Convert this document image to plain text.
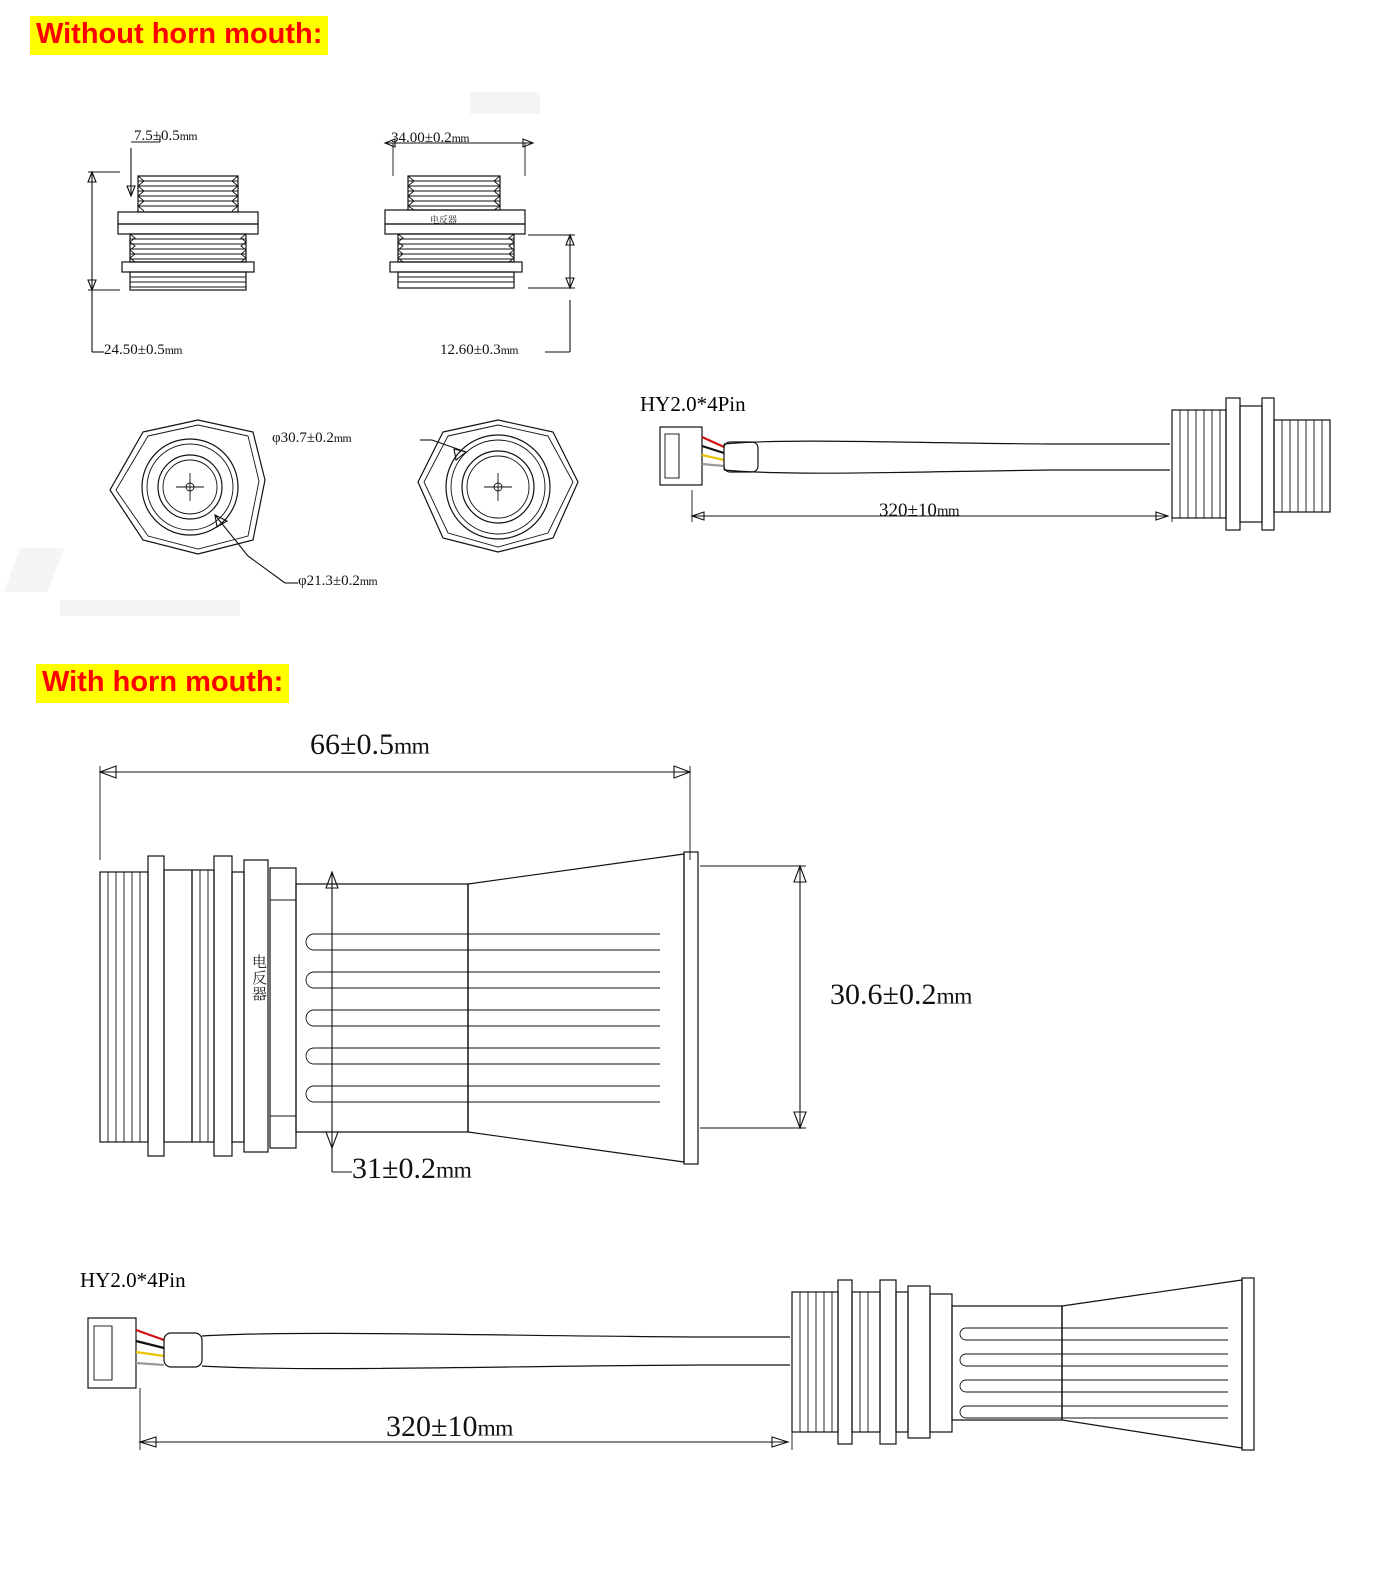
Without horn mouth:
7.5±0.5mm
24.50±0.5mm
34.00±0.2mm
12.60±0.3mm
电反器
φ30.7±0.2mm
φ21.3±0.2mm
HY2.0*4Pin
320±10mm
With horn mouth:
66±0.5mm
30.6±0.2mm
31±0.2mm
电反器
HY2.0*4Pin
320±10mm
